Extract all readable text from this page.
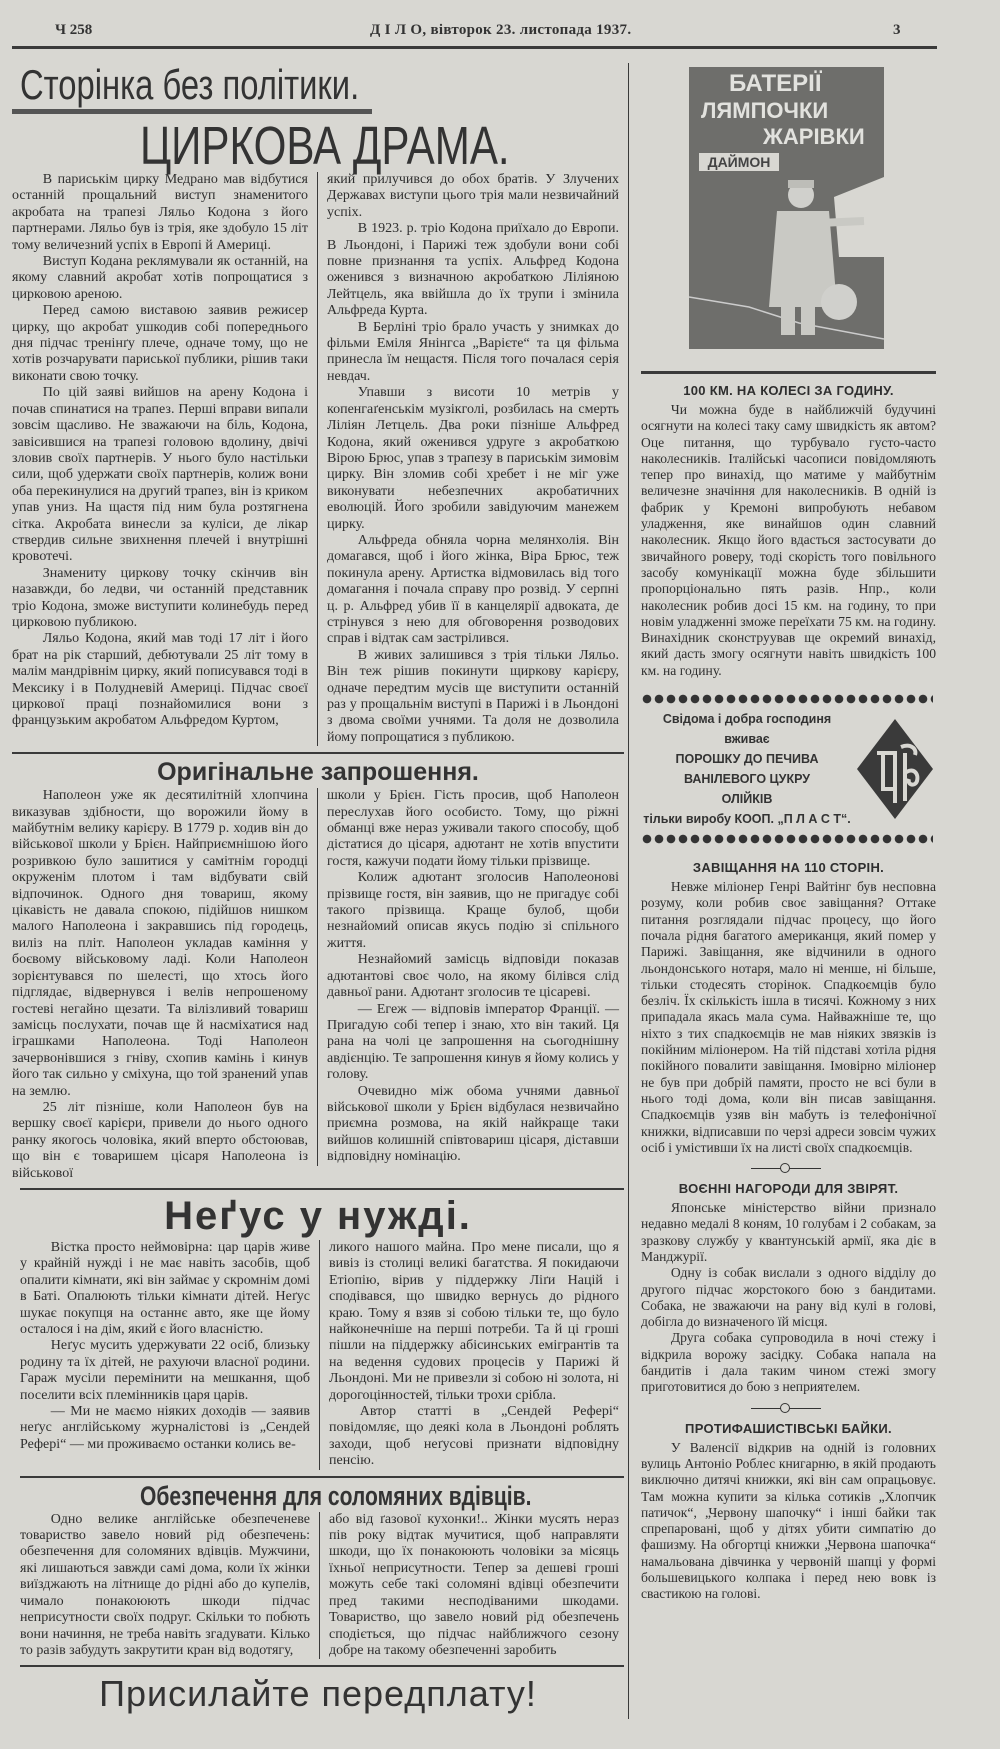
Ч 258	Д І Л О, вівторок 23. листопада 1937.	3
Сторінка без політики.
ЦИРКОВА ДРАМА.

В париськім цирку Медрано мав відбутися останній прощальний виступ знаменитого акробата на трапезі Ляльо Кодона з його партнерами. Ляльо був із трія, яке здобуло 15 літ тому величезний успіх в Европі й Америці.

Виступ Кодана реклямували як останній, на якому славний акробат хотів попрощатися з цирковою ареною.

Перед самою виставою заявив режисер цирку, що акробат ушкодив собі попереднього дня підчас тренінґу плече, одначе тому, що не хотів розчарувати париської публики, рішив таки виконати свою точку.

По цій заяві вийшов на арену Кодона і почав спинатися на трапез. Перші вправи випали зовсім щасливо. Не зважаючи на біль, Кодона, завісившися на трапезі головою вдолину, двічі зловив своїх партнерів. У нього було настільки сили, щоб удержати своїх партнерів, колиж вони оба перекинулися на другий трапез, він із криком упав униз. На щастя під ним була розтягнена сітка. Акробата винесли за куліси, де лікар ствердив сильне звихнення плечей і внутрішні кровотечі.

Знамениту циркову точку скінчив він назавжди, бо ледви, чи останній представник тріо Кодона, зможе виступити колинебудь перед цирковою публикою.

Ляльо Кодона, який мав тоді 17 літ і його брат на рік старший, дебютували 25 літ тому в малім мандрівнім цирку, який пописувався тоді в Мексику і в Полудневій Америці. Підчас своєї циркової праці познайомилися вони з французьким акробатом Альфредом Куртом,

який прилучився до обох братів. У Злучених Державах виступи цього трія мали незвичайний успіх.

В 1923. р. тріо Кодона приїхало до Европи. В Льондоні, і Парижі теж здобули вони собі повне признання та успіх. Альфред Кодона оженився з визначною акробаткою Ліліяною Лейтцель, яка ввійшла до їх трупи і змінила Альфреда Курта.

В Берліні тріо брало участь у знимках до фільми Еміля Янінгса „Варієте“ та ця фільма принесла їм нещастя. Після того почалася серія невдач.

Упавши з висоти 10 метрів у копенгаґенськім музікголі, розбилась на смерть Ліліян Летцель. Два роки пізніше Альфред Кодона, який оженився удруге з акробаткою Вірою Брюс, упав з трапезу в париськім зимовім цирку. Він зломив собі хребет і не міг уже виконувати небезпечних акробатичних еволюцій. Його зробили завідуючим манежем цирку.

Альфреда обняла чорна мелянхолія. Він домагався, щоб і його жінка, Віра Брюс, теж покинула арену. Артистка відмовилась від того домагання і почала справу про розвід. У серпні ц. р. Альфред убив її в канцелярії адвоката, де стрінувся з нею для обговорення розводових справ і відтак сам застрілився.

В живих залишився з трія тільки Ляльо. Він теж рішив покинути щиркову карієру, одначе передтим мусів ще виступити останній раз у прощальнім виступі в Парижі і в Льондоні з двома своїми учнями. Та доля не дозволила йому попрощатися з публикою.

Оригінальне запрошення.

Наполеон уже як десятилітній хлопчина виказував здібности, що ворожили йому в майбутнім велику карієру. В 1779 р. ходив він до військової школи у Брієн. Найприємнішою його розривкою було зашитися у самітнім городці окруженім плотом і там відбувати свій відпочинок. Одного дня товариш, якому цікавість не давала спокою, підійшов нишком малого Наполеона і закравшись під городець, виліз на пліт. Наполеон укладав каміння у боєвому військовому ладі. Коли Наполеон зорієнтувався по шелесті, що хтось його підглядає, відвернувся і велів непрошеному гостеві негайно щезати. Та вілізливий товариш замісць послухати, почав ще й насміхатися над іграшками Наполеона. Тоді Наполеон зачервонівшися з гніву, схопив камінь і кинув його так сильно у сміхуна, що той зранений упав на землю.

25 літ пізніше, коли Наполеон був на вершку своєї карієри, привели до нього одного ранку якогось чоловіка, який вперто обстоював, що він є товаришем цісаря Наполеона із військової

школи у Брієн. Гість просив, щоб Наполеон переслухав його особисто. Тому, що ріжні обманці вже нераз уживали такого способу, щоб дістатися до цісаря, адютант не хотів впустити гостя, кажучи подати йому тільки прізвище.

Колиж адютант зголосив Наполеонові прізвище гостя, він заявив, що не пригадує собі такого прізвища. Краще булоб, щоби незнайомий описав якусь подію зі спільного життя.

Незнайомий замісць відповіди показав адютантові своє чоло, на якому білівся слід давньої рани. Адютант зголосив те цісареві.

— Егеж — відповів імператор Франції. — Пригадую собі тепер і знаю, хто він такий. Ця рана на чолі це запрошення на сьогоднішну авдієнцію. Те запрошення кинув я йому колись у голову.

Очевидно між обома учнями давньої військової школи у Брієн відбулася незвичайно приємна розмова, на якій найкраще таки вийшов колишній співтовариш цісаря, діставши відповідну номінацію.

Неґус у нужді.

Вістка просто неймовірна: цар царів живе у крайній нужді і не має навіть засобів, щоб опалити кімнати, які він займає у скромнім домі в Баті. Опалюють тільки кімнати дітей. Неґус шукає покупця на останнє авто, яке ще йому осталося і на дім, який є його власністю.

Неґус мусить удержувати 22 осіб, близьку родину та їх дітей, не рахуючи власної родини. Гараж мусіли перемінити на мешкання, щоб поселити всіх племінників царя царів.

— Ми не маємо ніяких доходів — заявив неґус англійському журналістові із „Сендей Рефері“ — ми проживаємо останки колись ве-

ликого нашого майна. Про мене писали, що я вивіз із столиці великі багатства. Я покидаючи Етіопію, вірив у піддержку Ліґи Націй і сподівався, що швидко вернусь до рідного краю. Тому я взяв зі собою тільки те, що було найконечніше на перші потреби. Та й ці гроші пішли на піддержку абісинських емігрантів та на ведення судових процесів у Парижі й Льондоні. Ми не привезли зі собою ні золота, ні дорогоцінностей, тільки трохи срібла.

Автор статті в „Сендей Рефері“ повідомляє, що деякі кола в Льондоні роблять заходи, щоб неґусові признати відповідну пенсію.

Обезпечення для соломяних вдівців.

Одно велике англійське обезпеченеве товариство завело новий рід обезпечень: обезпечення для соломяних вдівців. Мужчини, які лишаються завжди самі дома, коли їх жінки виїзджають на літнище до рідні або до купелів, чимало понакоюють шкоди підчас неприсутности своїх подруг. Скільки то побють вони начиння, не треба навіть згадувати. Кілько то разів забудуть закрутити кран від водотягу,

або від ґазової кухонки!.. Жінки мусять нераз пів року відтак мучитися, щоб направляти шкоди, що їх понакоюють чоловіки за місяць їхньої неприсутности. Тепер за дешеві гроші можуть себе такі соломяні вдівці обезпечити пред такими несподіваними шкодами. Товариство, що завело новий рід обезпечень сподіється, що підчас найближчого сезону добре на такому обезпеченні заробить

Присилайте передплату!
БАТЕРІЇ
ЛЯМПОЧКИ
ЖАРІВКИ
ДАЙМОН
100 КМ. НА КОЛЕСІ ЗА ГОДИНУ.

Чи можна буде в найближчій будучині осягнути на колесі таку саму швидкість як автом? Оце питання, що турбувало густо-часто наколесників. Італійські часописи повідомляють тепер про винахід, що матиме у майбутнім величезне значіння для наколесників. В одній із фабрик у Кремоні випробують небавом уладження, яке винайшов один славний наколесник. Якщо його вдасться застосувати до звичайного роверу, тоді скорість того повільного засобу комунікації можна буде збільшити пропорціонально пять разів. Нпр., коли наколесник робив досі 15 км. на годину, то при новім уладженні зможе переїхати 75 км. на годину. Винахідник сконструував ще окремий винахід, який дасть змогу осягнути навіть швидкість 100 км. на годину.

Свідома і добра господиня вживає
ПОРОШКУ ДО ПЕЧИВА
ВАНІЛЕВОГО ЦУКРУ
ОЛІЙКІВ
тільки виробу КООП. „П Л А С Т“.
ЗАВІЩАННЯ НА 110 СТОРІН.

Невже міліонер Генрі Вайтінг був несповна розуму, коли робив своє завіщання? Оттаке питання розглядали підчас процесу, що його почала рідня багатого американця, який помер у Парижі. Завіщання, яке відчинили в одного льондонського нотаря, мало ні менше, ні більше, тільки стодесять сторінок. Спадкоємців було безліч. Їх скількість ішла в тисячі. Кожному з них припадала якась мала сума. Найважніше те, що ніхто з тих спадкоємців не мав ніяких звязків із покійним міліонером. На тій підставі хотіла рідня покійного повалити завіщання. Імовірно міліонер не був при добрій памяти, просто не всі були в нього тоді дома, коли він писав завіщання. Спадкоємців узяв він мабуть із телефонічної книжки, відписавши по черзі адреси зовсім чужих осіб і умістивши їх на листі своїх спадкоємців.

ВОЄННІ НАГОРОДИ ДЛЯ ЗВІРЯТ.

Японське міністерство війни признало недавно медалі 8 коням, 10 голубам і 2 собакам, за зразкову службу у квантунській армії, яка діє в Манджурії.

Одну із собак вислали з одного відділу до другого підчас жорстокого бою з бандитами. Собака, не зважаючи на рану від кулі в голові, добігла до визначеного їй місця.

Друга собака супроводила в ночі стежу і відкрила ворожу засідку. Собака напала на бандитів і дала таким чином стежі змогу приготовитися до бою з неприятелем.

ПРОТИФАШИСТІВСЬКІ БАЙКИ.

У Валенсії відкрив на одній із головних вулиць Антоніо Роблес книгарню, в якій продають виключно дитячі книжки, які він сам опрацьовує. Там можна купити за кілька сотиків „Хлопчик патичок“, „Червону шапочку“ і інші байки так спрепаровані, щоб у дітях убити симпатію до фашизму. На обгортці книжки „Червона шапочка“ намальована дівчинка у червоній шапці у формі большевицького колпака і перед нею вовк із свастикою на голові.
